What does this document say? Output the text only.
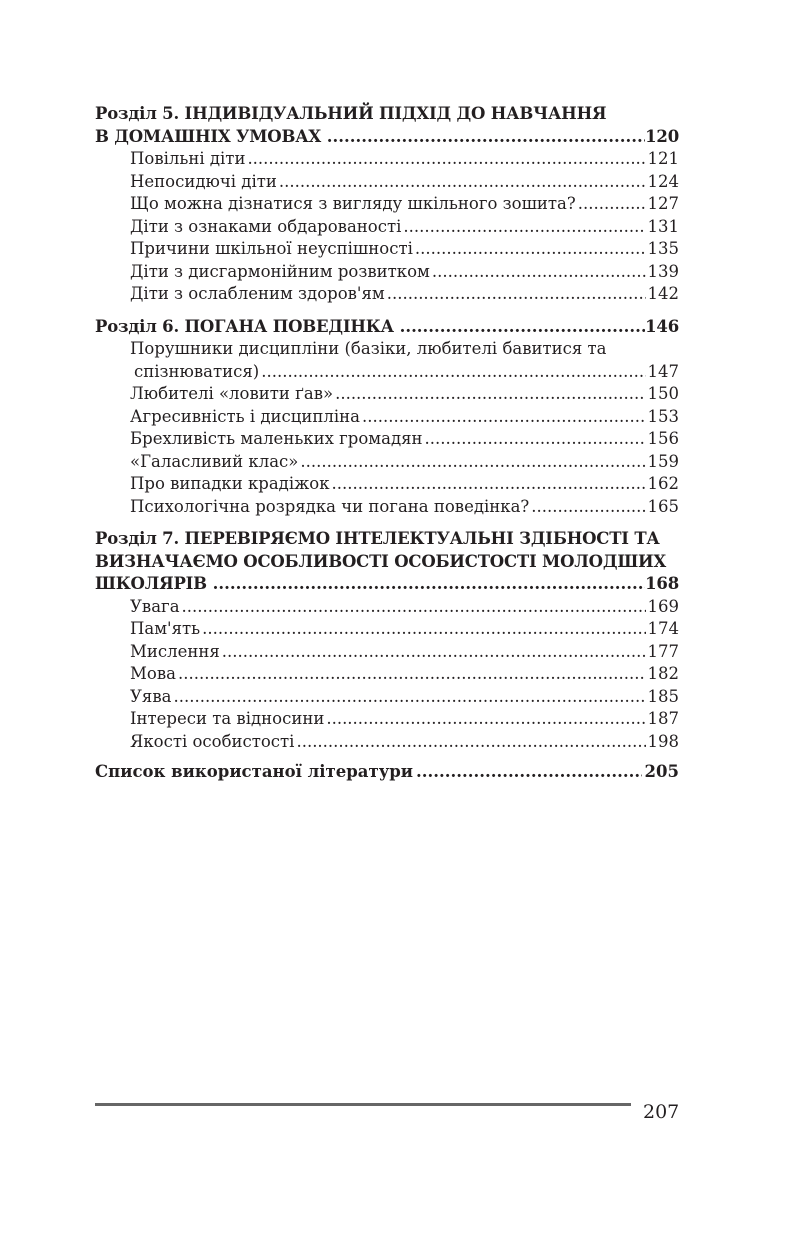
Розділ 5. ІНДИВІДУАЛЬНИЙ ПІДХІД ДО НАВЧАННЯ
В ДОМАШНІХ УМОВАХ .....	120
Повільні діти .....	121
Непосидючі діти .....	124
Що можна дізнатися з вигляду шкільного зошита? .....	127
Діти з ознаками обдарованості .....	131
Причини шкільної неуспішності .....	135
Діти з дисгармонійним розвитком .....	139
Діти з ослабленим здоров'ям .....	142
Розділ 6. ПОГАНА ПОВЕДІНКА .....	146
Порушники дисципліни (базіки, любителі бавитися та
спізнюватися) .....	147
Любителі «ловити ґав» .....	150
Агресивність і дисципліна .....	153
Брехливість маленьких громадян .....	156
«Галасливий клас» .....	159
Про випадки крадіжок .....	162
Психологічна розрядка чи погана поведінка? .....	165
Розділ 7. ПЕРЕВІРЯЄМО ІНТЕЛЕКТУАЛЬНІ ЗДІБНОСТІ ТА
ВИЗНАЧАЄМО ОСОБЛИВОСТІ ОСОБИСТОСТІ МОЛОДШИХ
ШКОЛЯРІВ .....	168
Увага .....	169
Пам'ять .....	174
Мислення .....	177
Мова .....	182
Уява .....	185
Інтереси та відносини .....	187
Якості особистості .....	198
Список використаної літератури .....	205
207
